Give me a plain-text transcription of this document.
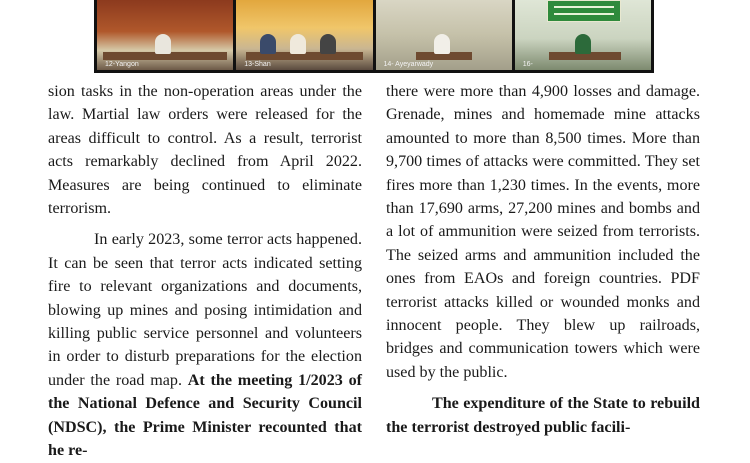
12-Yangon	13-Shan	14- Ayeyarwady	16-

sion tasks in the non-operation areas under the law. Martial law orders were released for the areas difficult to control. As a result, terrorist acts remarkably declined from April 2022. Measures are being continued to eliminate terrorism.

In early 2023, some terror acts happened. It can be seen that terror acts indicated setting fire to relevant organizations and documents, blowing up mines and posing intimidation and killing public service personnel and volunteers in order to disturb preparations for the election under the road map. At the meeting 1/2023 of the National Defence and Security Council (NDSC), the Prime Minister recounted that he re-

there were more than 4,900 losses and damage. Grenade, mines and homemade mine attacks amounted to more than 8,500 times. More than 9,700 times of attacks were committed. They set fires more than 1,230 times. In the events, more than 17,690 arms, 27,200 mines and bombs and a lot of ammunition were seized from terrorists. The seized arms and ammunition included the ones from EAOs and foreign countries. PDF terrorist attacks killed or wounded monks and innocent people. They blew up railroads, bridges and communication towers which were used by the public.

The expenditure of the State to rebuild the terrorist destroyed public facili-
